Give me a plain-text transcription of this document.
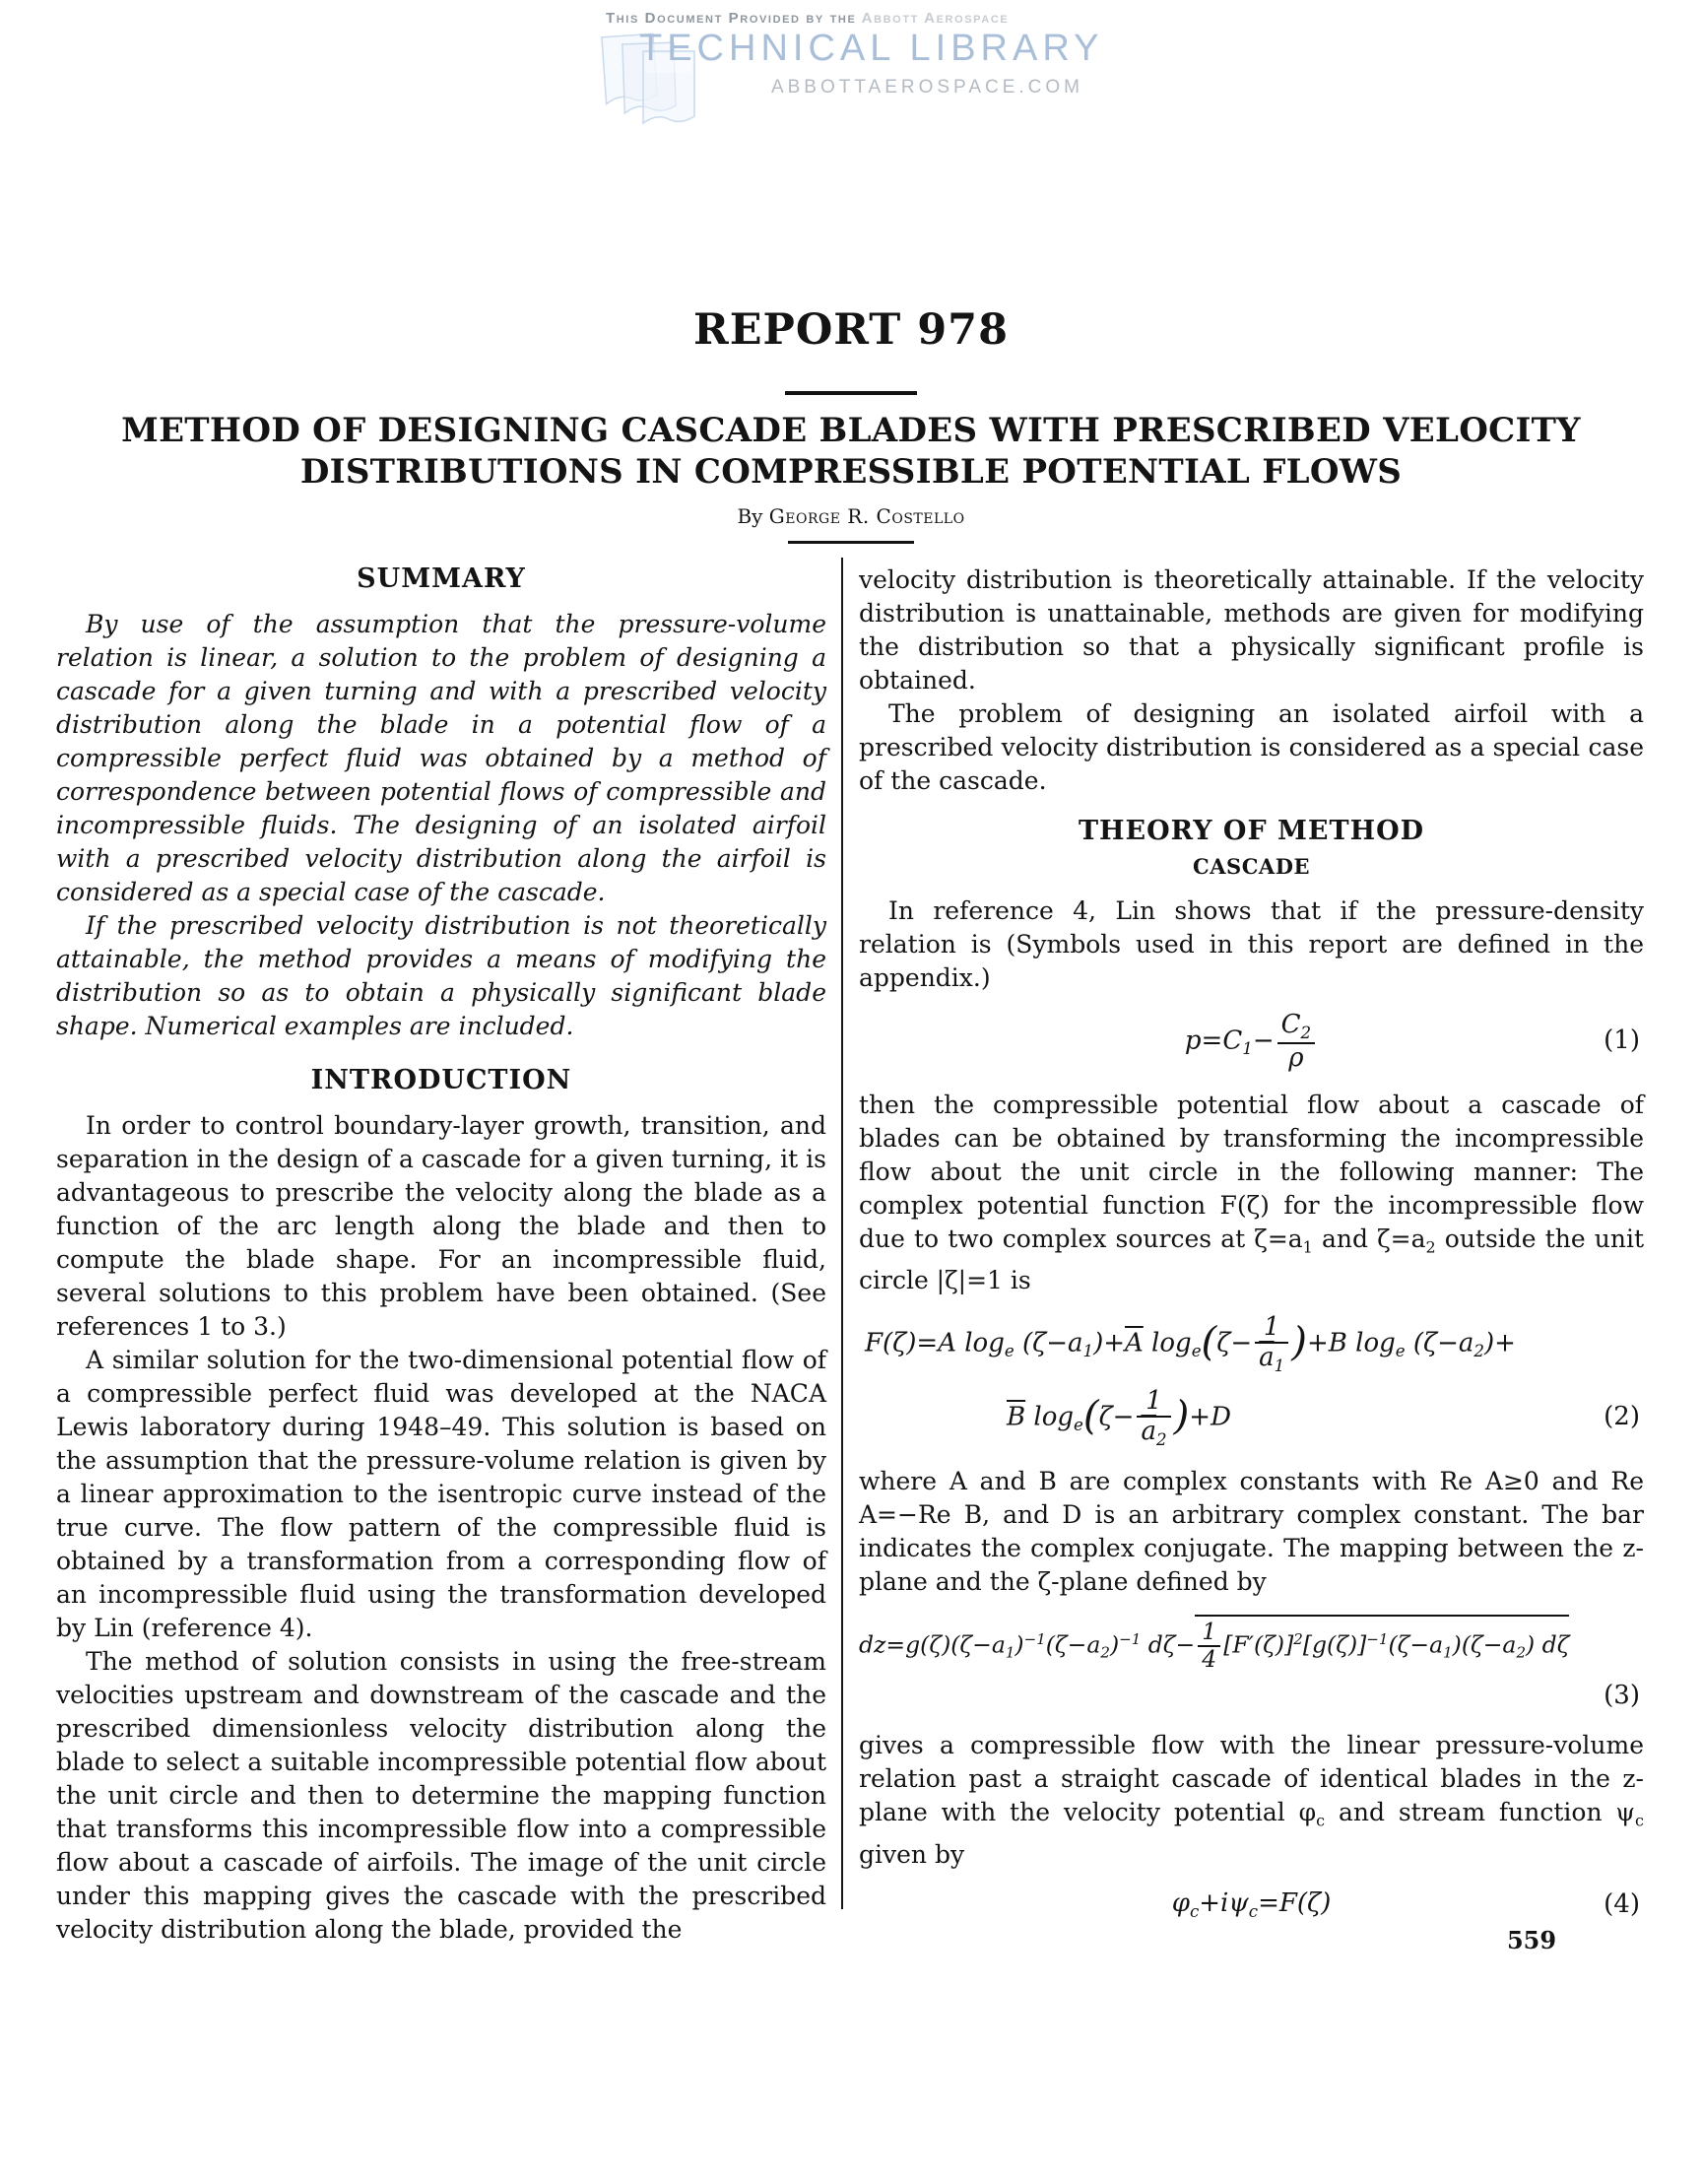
This Document Provided by the Abbott Aerospace
TECHNICAL LIBRARY
ABBOTTAEROSPACE.COM
REPORT 978
METHOD OF DESIGNING CASCADE BLADES WITH PRESCRIBED VELOCITY
DISTRIBUTIONS IN COMPRESSIBLE POTENTIAL FLOWS
By George R. Costello
SUMMARY

By use of the assumption that the pressure-volume relation is linear, a solution to the problem of designing a cascade for a given turning and with a prescribed velocity distribution along the blade in a potential flow of a compressible perfect fluid was obtained by a method of correspondence between potential flows of compressible and incompressible fluids. The designing of an isolated airfoil with a prescribed velocity distribution along the airfoil is considered as a special case of the cascade.

If the prescribed velocity distribution is not theoretically attainable, the method provides a means of modifying the distribution so as to obtain a physically significant blade shape. Numerical examples are included.

INTRODUCTION

In order to control boundary-layer growth, transition, and separation in the design of a cascade for a given turning, it is advantageous to prescribe the velocity along the blade as a function of the arc length along the blade and then to compute the blade shape. For an incompressible fluid, several solutions to this problem have been obtained. (See references 1 to 3.)

A similar solution for the two-dimensional potential flow of a compressible perfect fluid was developed at the NACA Lewis laboratory during 1948–49. This solution is based on the assumption that the pressure-volume relation is given by a linear approximation to the isentropic curve instead of the true curve. The flow pattern of the compressible fluid is obtained by a transformation from a corresponding flow of an incompressible fluid using the transformation developed by Lin (reference 4).

The method of solution consists in using the free-stream velocities upstream and downstream of the cascade and the prescribed dimensionless velocity distribution along the blade to select a suitable incompressible potential flow about the unit circle and then to determine the mapping function that transforms this incompressible flow into a compressible flow about a cascade of airfoils. The image of the unit circle under this mapping gives the cascade with the prescribed velocity distribution along the blade, provided the

velocity distribution is theoretically attainable. If the velocity distribution is unattainable, methods are given for modifying the distribution so that a physically significant profile is obtained.

The problem of designing an isolated airfoil with a prescribed velocity distribution is considered as a special case of the cascade.

THEORY OF METHOD
CASCADE

In reference 4, Lin shows that if the pressure-density relation is (Symbols used in this report are defined in the appendix.)

$p=C_1- \frac{C_2}{\rho}$	(1)

then the compressible potential flow about a cascade of blades can be obtained by transforming the incompressible flow about the unit circle in the following manner: The complex potential function F(ζ) for the incompressible flow due to two complex sources at $\zeta=a_1$ and $\zeta=a_2$ outside the unit circle |ζ|=1 is

F(ζ)=A $\log_e (\zeta-a_1)+\overline{A}$ $\log_e(\zeta- \frac{1}{\overline{a}_1} )+B$ $\log_e (\zeta-a_2)+$
$\overline{B}$ $\log_e(\zeta- \frac{1}{\overline{a}_2} )+D$	(2)

where A and B are complex constants with Re A≥0 and Re A=−Re B, and D is an arbitrary complex constant. The bar indicates the complex conjugate. The mapping between the z-plane and the ζ-plane defined by

$dz=g(\zeta)(\zeta-a_1)^{-1}(\zeta-a_2)^{-1}$ $d\zeta- \frac{1}{4} [F'(\zeta)]^2[g(\zeta)]^{-1}(\zeta-a_1)(\zeta-a_2)$ dζ
(3)

gives a compressible flow with the linear pressure-volume relation past a straight cascade of identical blades in the z-plane with the velocity potential $\varphi_c$ and stream function $\psi_c$ given by

$\varphi_c+i\psi_c=F(\zeta)$	(4)
559
